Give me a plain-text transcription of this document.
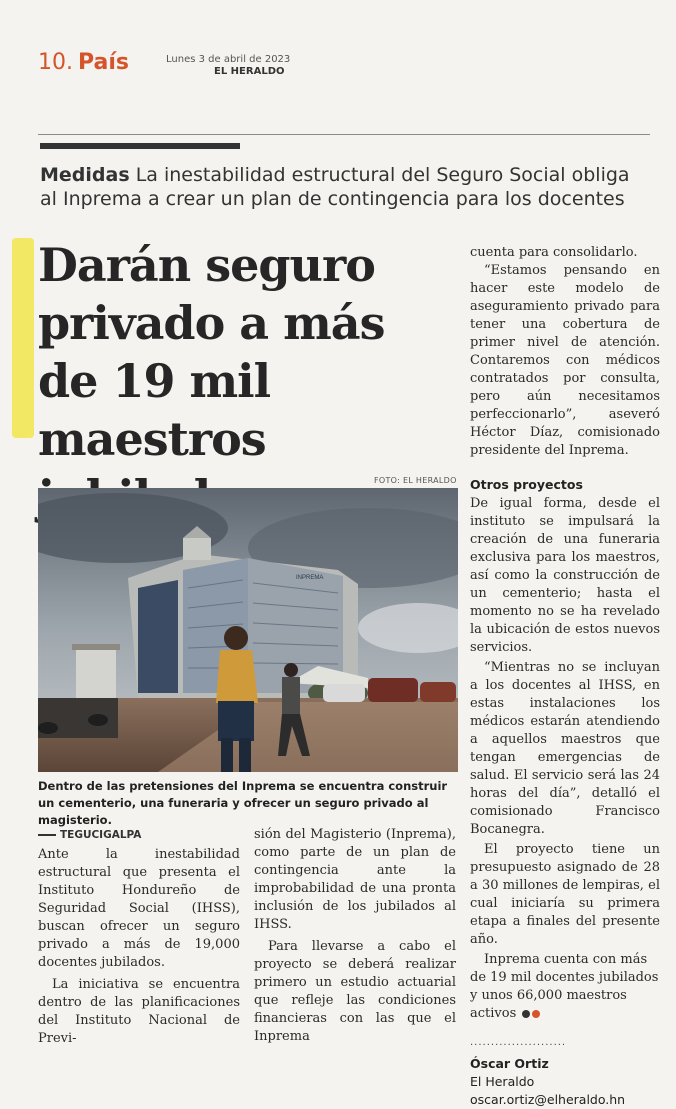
10. País	Lunes 3 de abril de 2023
EL HERALDO
Medidas La inestabilidad estructural del Seguro Social obliga al Inprema a crear un plan de contingencia para los docentes
Darán seguro privado a más de 19 mil maestros
FOTO: EL HERALDO
INPREMA
Dentro de las pretensiones del Inprema se encuentra construir un cementerio, una funeraria y ofrecer un seguro privado al magisterio.
TEGUCIGALPA

Ante la inestabilidad estructural que presenta el Instituto Hondureño de Seguridad Social (IHSS), buscan ofrecer un seguro privado a más de 19,000 docentes jubilados.

La iniciativa se encuentra dentro de las planificaciones del Instituto Nacional de Previ-

sión del Magisterio (Inprema), como parte de un plan de contingencia ante la improbabilidad de una pronta inclusión de los jubilados al IHSS.

Para llevarse a cabo el proyecto se deberá realizar primero un estudio actuarial que refleje las condiciones financieras con las que el Inprema

cuenta para consolidarlo.

“Estamos pensando en hacer este modelo de aseguramiento privado para tener una cobertura de primer nivel de atención. Contaremos con médicos contratados por consulta, pero aún necesitamos perfeccionarlo”, aseveró Héctor Díaz, comisionado presidente del Inprema.

Otros proyectos

De igual forma, desde el instituto se impulsará la creación de una funeraria exclusiva para los maestros, así como la construcción de un cementerio; hasta el momento no se ha revelado la ubicación de estos nuevos servicios.

“Mientras no se incluyan a los docentes al IHSS, en estas instalaciones los médicos estarán atendiendo a aquellos maestros que tengan emergencias de salud. El servicio será las 24 horas del día”, detalló el comisionado Francisco Bocanegra.

El proyecto tiene un presupuesto asignado de 28 a 30 millones de lempiras, el cual iniciaría su primera etapa a finales del presente año.

Inprema cuenta con más de 19 mil docentes jubilados y unos 66,000 maestros activos

·······················
Óscar Ortiz
El Heraldo
oscar.ortiz@elheraldo.hn
